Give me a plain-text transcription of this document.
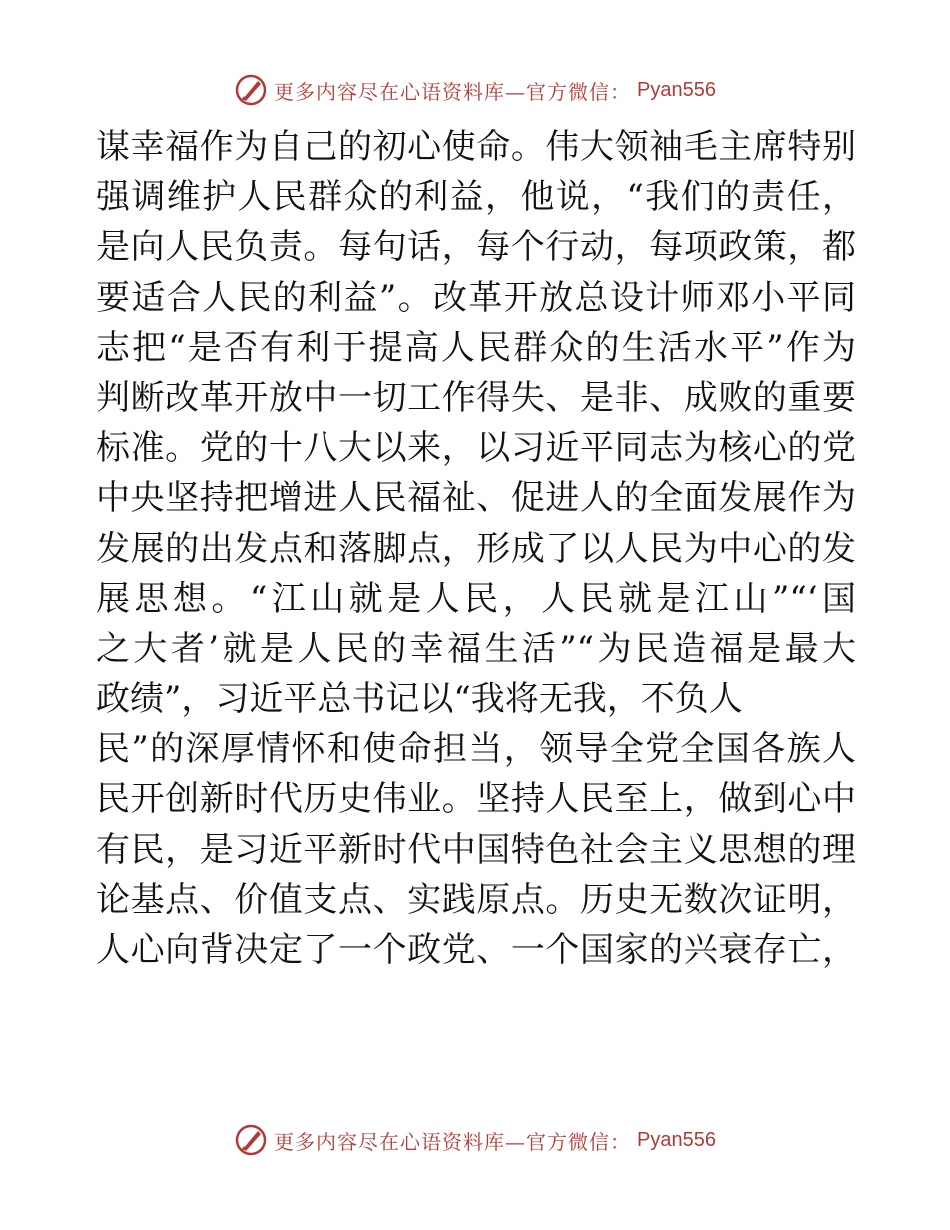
更多内容尽在心语资料库—官方微信： Pyan556
谋幸福作为自己的初心使命。伟大领袖毛主席特别
强调维护人民群众的利益，他说，“我们的责任，
是向人民负责。每句话，每个行动，每项政策，都
要适合人民的利益”。改革开放总设计师邓小平同
志把“是否有利于提高人民群众的生活水平”作为
判断改革开放中一切工作得失、是非、成败的重要
标准。党的十八大以来，以习近平同志为核心的党
中央坚持把增进人民福祉、促进人的全面发展作为
发展的出发点和落脚点，形成了以人民为中心的发
展思想。“江山就是人民，人民就是江山”“‘国
之大者’就是人民的幸福生活”“为民造福是最大
政绩”，习近平总书记以“我将无我，不负人
民”的深厚情怀和使命担当，领导全党全国各族人
民开创新时代历史伟业。坚持人民至上，做到心中
有民，是习近平新时代中国特色社会主义思想的理
论基点、价值支点、实践原点。历史无数次证明，
人心向背决定了一个政党、一个国家的兴衰存亡，
更多内容尽在心语资料库—官方微信： Pyan556
